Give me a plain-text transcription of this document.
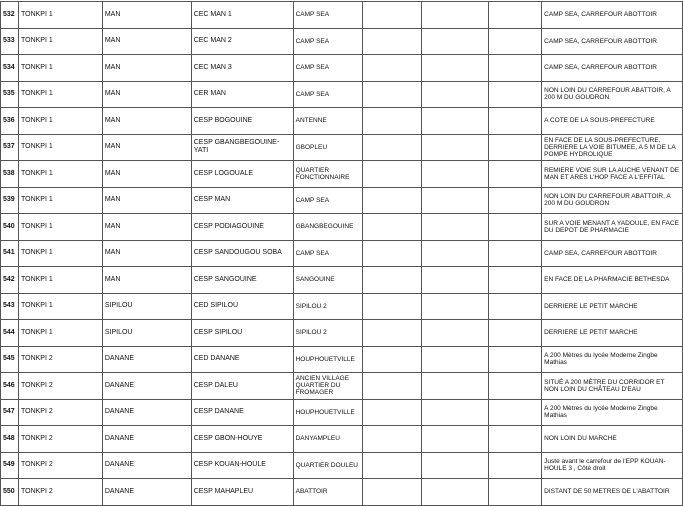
532	TONKPI 1	MAN	CEC MAN 1	CAMP SEA				CAMP SEA, CARREFOUR ABOTTOIR
533	TONKPI 1	MAN	CEC MAN 2	CAMP SEA				CAMP SEA, CARREFOUR ABOTTOIR
534	TONKPI 1	MAN	CEC MAN 3	CAMP SEA				CAMP SEA, CARREFOUR ABOTTOIR
535	TONKPI 1	MAN	CER MAN	CAMP SEA				NON LOIN DU CARREFOUR ABATTOIR, A 200 M DU GOUDRON
536	TONKPI 1	MAN	CESP BOGOUINE	ANTENNE				A COTE DE LA SOUS-PREFECTURE
537	TONKPI 1	MAN	CESP GBANGBEGOUINE-YATI	GBOPLEU				EN FACE DE LA SOUS-PREFECTURE, DERRIERE LA VOIE BITUMEE, A 5 M DE LA POMPE HYDROLIQUE
538	TONKPI 1	MAN	CESP LOGOUALE	QUARTIER FONCTIONNAIRE				REMIERE VOIE SUR LA AUCHE VENANT DE MAN ET ARES L'HOP FACE A L'EFFITAL
539	TONKPI 1	MAN	CESP MAN	CAMP SEA				NON LOIN DU CARREFOUR ABATTOIR, A 200 M DU GOUDRON
540	TONKPI 1	MAN	CESP PODIAGOUINE	GBANGBEGOUINE				SUR A VOIE MENANT A YADOULE, EN FACE DU DEPOT DE PHARMACIE
541	TONKPI 1	MAN	CESP SANDOUGOU SOBA	CAMP SEA				CAMP SEA, CARREFOUR ABOTTOIR
542	TONKPI 1	MAN	CESP SANGOUINE	SANGOUINE				EN FACE DE LA PHARMACIE BETHESDA
543	TONKPI 1	SIPILOU	CED SIPILOU	SIPILOU 2				DERRIERE LE PETIT MARCHE
544	TONKPI 1	SIPILOU	CESP SIPILOU	SIPILOU 2				DERRIERE LE PETIT MARCHE
545	TONKPI 2	DANANE	CED DANANE	HOUPHOUETVILLE				A 200 Mètres du lycée Moderne Zingbe Mathias
546	TONKPI 2	DANANE	CESP DALEU	ANCIEN VILLAGE QUARTIER DU FROMAGER				SITUÉ A 200 MÈTRE DU CORRIDOR ET NON LOIN DU CHÂTEAU D'EAU
547	TONKPI 2	DANANE	CESP DANANE	HOUPHOUETVILLE				A 200 Mètres du lycée Moderne Zingbe Mathias
548	TONKPI 2	DANANE	CESP GBON-HOUYE	DANYAMPLEU				NON LOIN DU MARCHE
549	TONKPI 2	DANANE	CESP KOUAN-HOULE	QUARTIER DOULEU				Juste avant le carrefour de l'EPP KOUAN-HOULE 3 , Côté droit
550	TONKPI 2	DANANE	CESP MAHAPLEU	ABATTOIR				DISTANT DE 50 METRES DE L'ABATTOIR
